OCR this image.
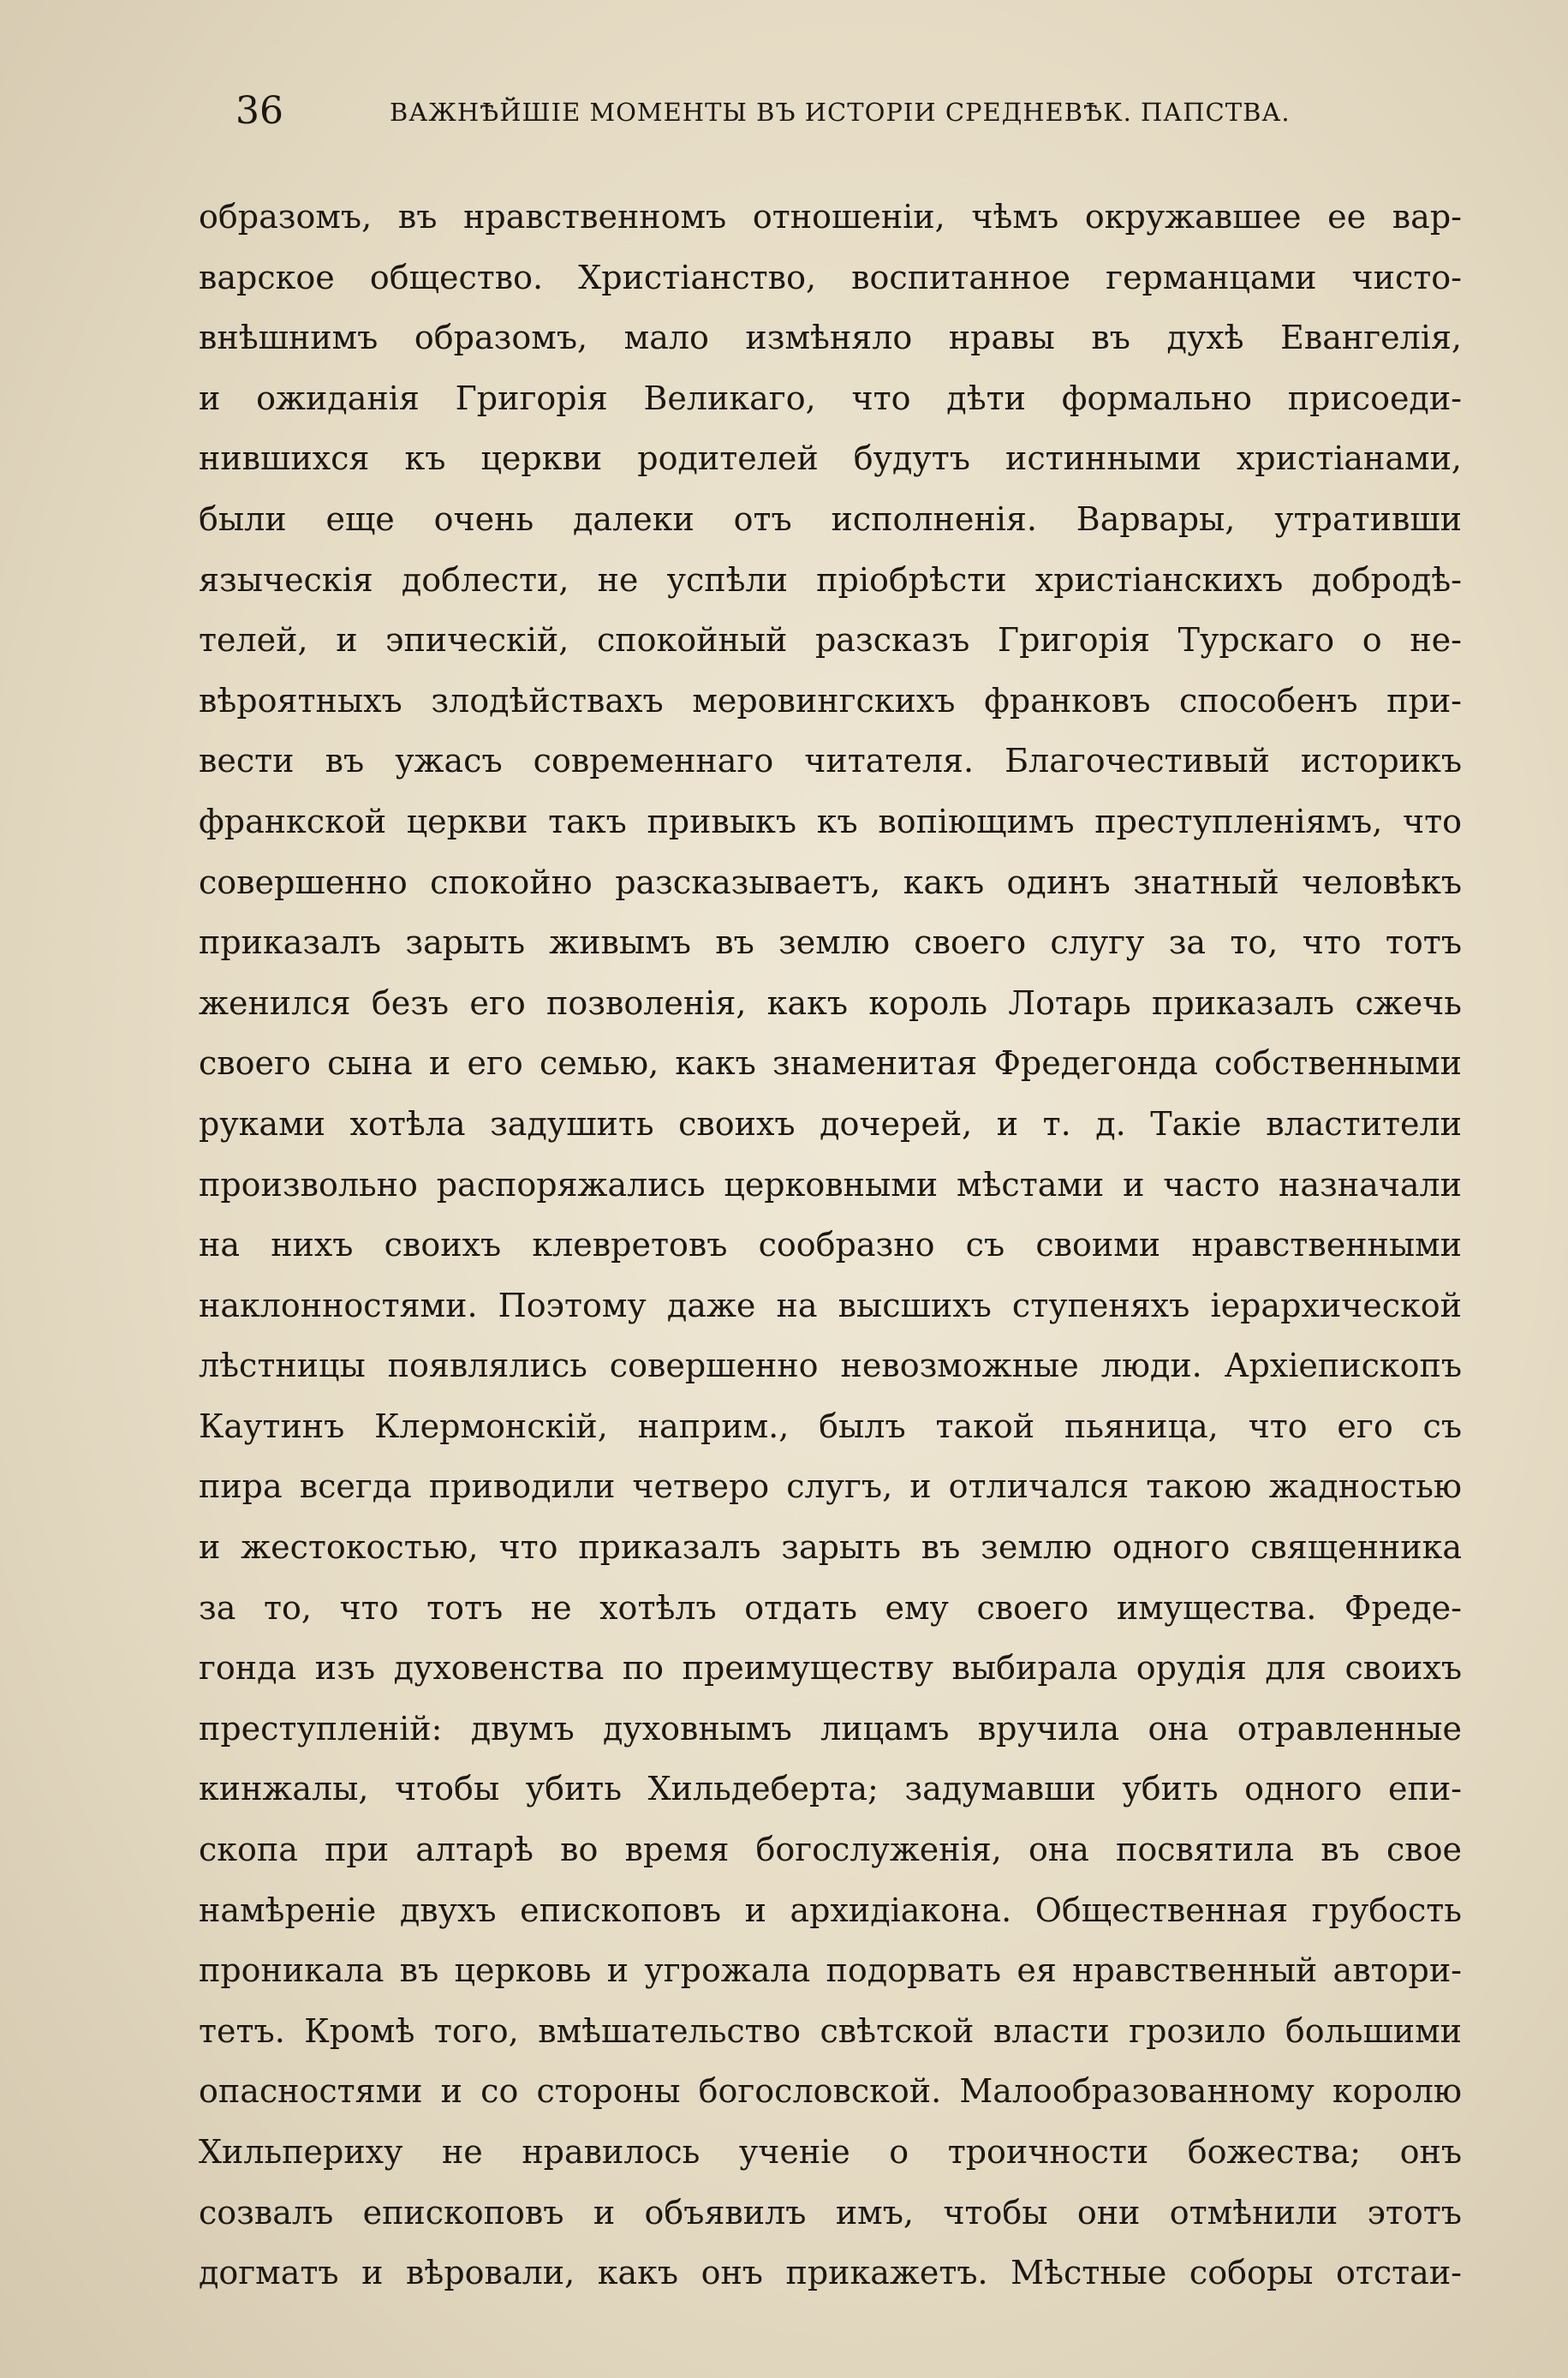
36	ВАЖНѢЙШІЕ МОМЕНТЫ ВЪ ИСТОРІИ СРЕДНЕВѢК. ПАПСТВА.
образомъ, въ нравственномъ отношеніи, чѣмъ окружавшее ее вар-
варское общество. Христіанство, воспитанное германцами чисто-
внѣшнимъ образомъ, мало измѣняло нравы въ духѣ Евангелія,
и ожиданія Григорія Великаго, что дѣти формально присоеди-
нившихся къ церкви родителей будутъ истинными христіанами,
были еще очень далеки отъ исполненія. Варвары, утративши
языческія доблести, не успѣли пріобрѣсти христіанскихъ добродѣ-
телей, и эпическій, спокойный разсказъ Григорія Турскаго о не-
вѣроятныхъ злодѣйствахъ меровингскихъ франковъ способенъ при-
вести въ ужасъ современнаго читателя. Благочестивый историкъ
франкской церкви такъ привыкъ къ вопіющимъ преступленіямъ, что
совершенно спокойно разсказываетъ, какъ одинъ знатный человѣкъ
приказалъ зарыть живымъ въ землю своего слугу за то, что тотъ
женился безъ его позволенія, какъ король Лотарь приказалъ сжечь
своего сына и его семью, какъ знаменитая Фредегонда собственными
руками хотѣла задушить своихъ дочерей, и т. д. Такіе властители
произвольно распоряжались церковными мѣстами и часто назначали
на нихъ своихъ клевретовъ сообразно съ своими нравственными
наклонностями. Поэтому даже на высшихъ ступеняхъ іерархической
лѣстницы появлялись совершенно невозможные люди. Архіепископъ
Каутинъ Клермонскій, наприм., былъ такой пьяница, что его съ
пира всегда приводили четверо слугъ, и отличался такою жадностью
и жестокостью, что приказалъ зарыть въ землю одного священника
за то, что тотъ не хотѣлъ отдать ему своего имущества. Фреде-
гонда изъ духовенства по преимуществу выбирала орудія для своихъ
преступленій: двумъ духовнымъ лицамъ вручила она отравленные
кинжалы, чтобы убить Хильдеберта; задумавши убить одного епи-
скопа при алтарѣ во время богослуженія, она посвятила въ свое
намѣреніе двухъ епископовъ и архидіакона. Общественная грубость
проникала въ церковь и угрожала подорвать ея нравственный автори-
тетъ. Кромѣ того, вмѣшательство свѣтской власти грозило большими
опасностями и со стороны богословской. Малообразованному королю
Хильпериху не нравилось ученіе о троичности божества; онъ
созвалъ епископовъ и объявилъ имъ, чтобы они отмѣнили этотъ
догматъ и вѣровали, какъ онъ прикажетъ. Мѣстные соборы отстаи-
